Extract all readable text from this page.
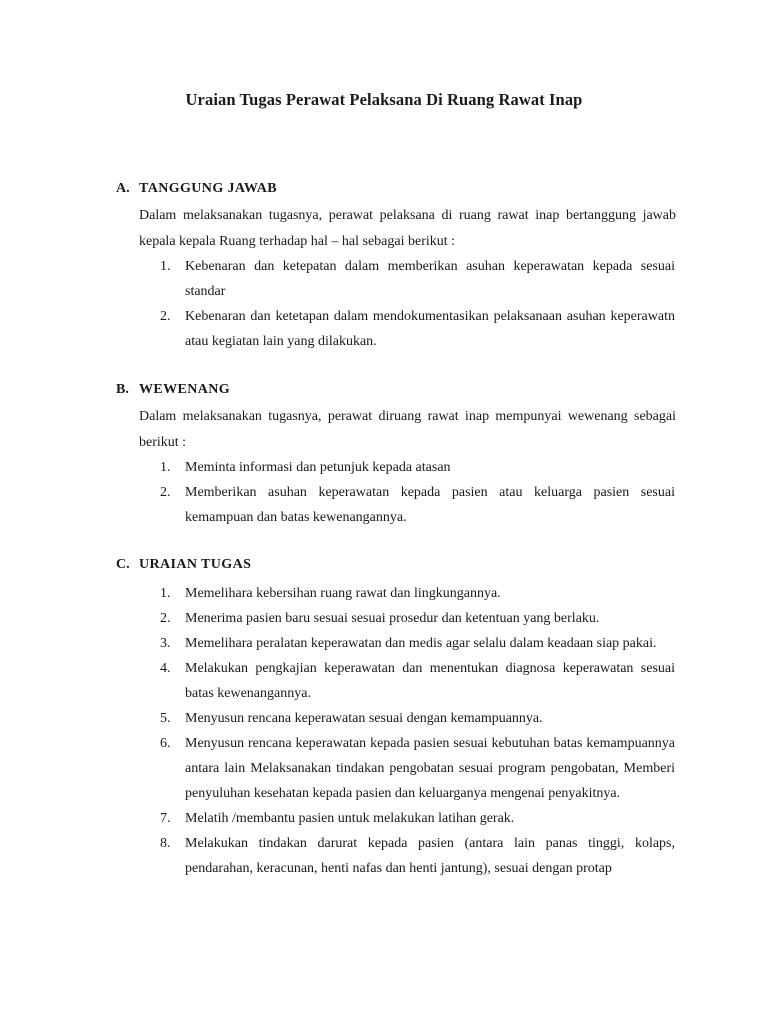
Uraian Tugas Perawat Pelaksana Di Ruang Rawat Inap
A. TANGGUNG JAWAB
Dalam melaksanakan tugasnya, perawat pelaksana di ruang rawat inap bertanggung jawab kepala kepala Ruang terhadap hal – hal sebagai berikut :
1.	Kebenaran dan ketepatan dalam memberikan asuhan keperawatan kepada sesuai standar
2.	Kebenaran dan ketetapan dalam mendokumentasikan pelaksanaan asuhan keperawatn atau kegiatan lain yang dilakukan.
B. WEWENANG
Dalam melaksanakan tugasnya, perawat diruang rawat inap mempunyai wewenang sebagai berikut :
1.	Meminta informasi dan petunjuk kepada atasan
2.	Memberikan asuhan keperawatan kepada pasien atau keluarga pasien sesuai kemampuan dan batas kewenangannya.
C. URAIAN TUGAS
1.	Memelihara kebersihan ruang rawat dan lingkungannya.
2.	Menerima pasien baru sesuai sesuai prosedur dan ketentuan yang berlaku.
3.	Memelihara peralatan keperawatan dan medis agar selalu dalam keadaan siap pakai.
4.	Melakukan pengkajian keperawatan dan menentukan diagnosa keperawatan sesuai batas kewenangannya.
5.	Menyusun rencana keperawatan sesuai dengan kemampuannya.
6.	Menyusun rencana keperawatan kepada pasien sesuai kebutuhan batas kemampuannya antara lain Melaksanakan tindakan pengobatan sesuai program pengobatan, Memberi penyuluhan kesehatan kepada pasien dan keluarganya mengenai penyakitnya.
7.	Melatih /membantu pasien untuk melakukan latihan gerak.
8.	Melakukan tindakan darurat kepada pasien (antara lain panas tinggi, kolaps, pendarahan, keracunan, henti nafas dan henti jantung), sesuai dengan protap
